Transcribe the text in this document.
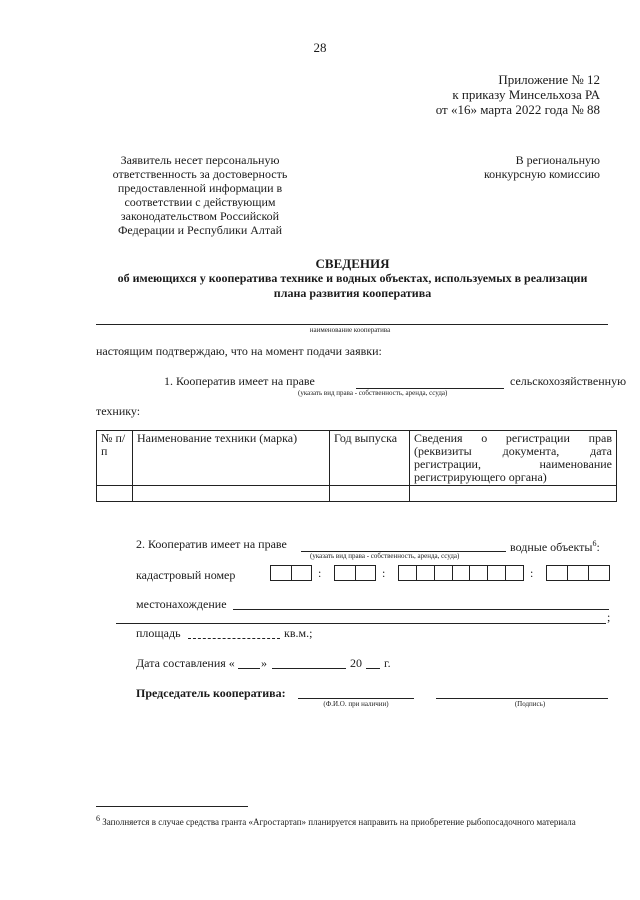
28
Приложение № 12
к приказу Минсельхоза РА
от «16» марта 2022 года № 88
Заявитель несет персональную
ответственность за достоверность
предоставленной информации в
соответствии с действующим
законодательством Российской
Федерации и Республики Алтай
В региональную
конкурсную комиссию
СВЕДЕНИЯ
об имеющихся у кооператива технике и водных объектах, используемых в реализации
плана развития кооператива
наименование кооператива
настоящим подтверждаю, что на момент подачи заявки:
1. Кооператив имеет на праве	сельскохозяйственную
(указать вид права - собственность, аренда, ссуда)
технику:
№ п/п	Наименование техники (марка)	Год выпуска	Сведения о регистрации прав (реквизиты документа, дата регистрации, наименование регистрирующего органа)

2. Кооператив имеет на праве	водные объекты$^6$:
(указать вид права - собственность, аренда, ссуда)
кадастровый номер	:	:	:
местонахождение
;
площадь	кв.м.;
Дата составления « »	20 г.
Председатель кооператива:
(Ф.И.О. при наличии)	(Подпись)
6 Заполняется в случае средства гранта «Агростартап» планируется направить на приобретение рыбопосадочного материала
